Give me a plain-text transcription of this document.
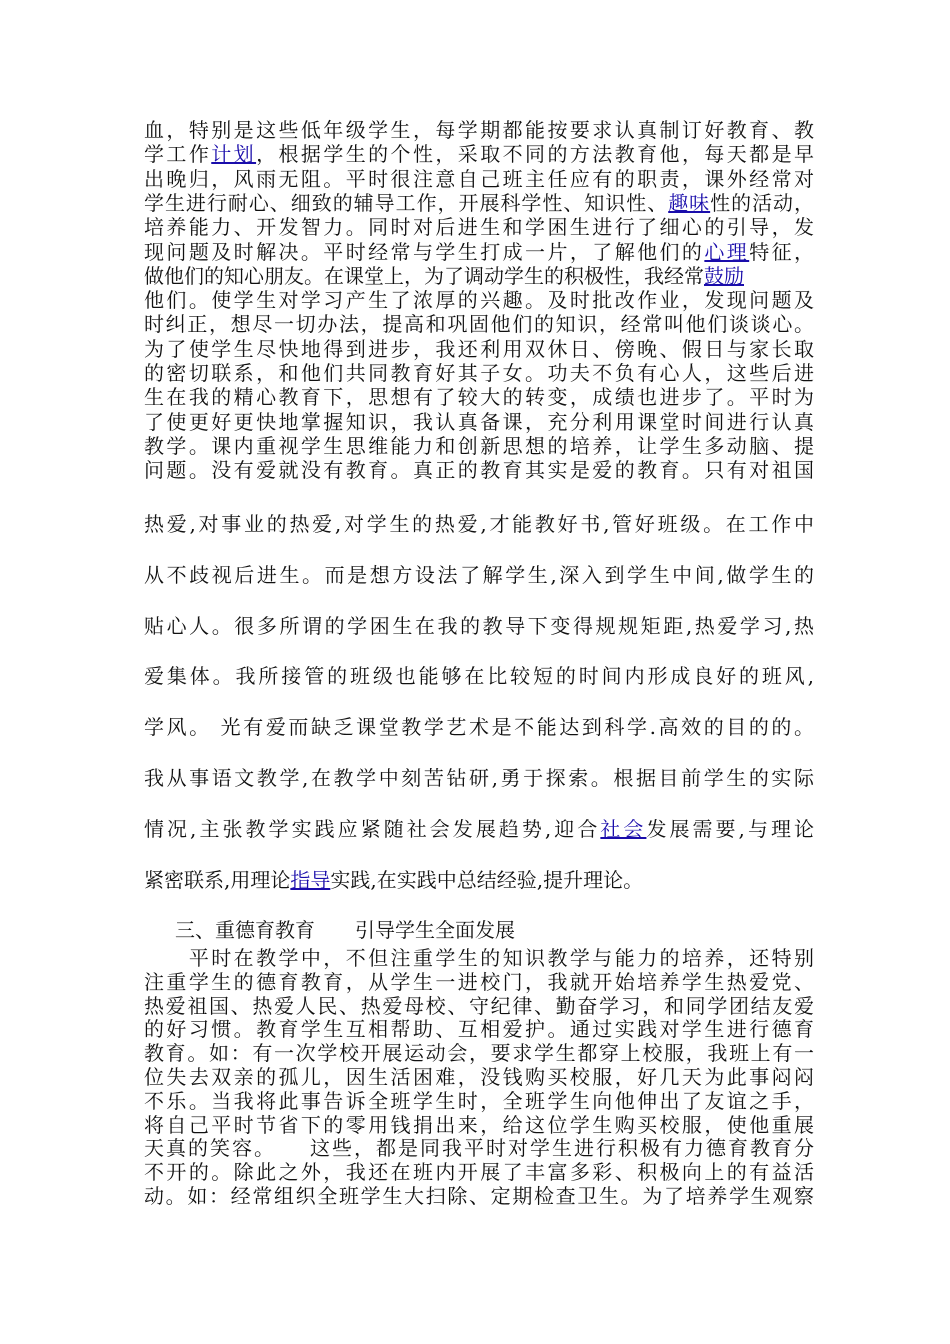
血，特别是这些低年级学生，每学期都能按要求认真制订好教育、教
学工作计划，根据学生的个性，采取不同的方法教育他，每天都是早
出晚归，风雨无阻。平时很注意自己班主任应有的职责，课外经常对
学生进行耐心、细致的辅导工作，开展科学性、知识性、趣味性的活动，
培养能力、开发智力。同时对后进生和学困生进行了细心的引导，发
现问题及时解决。平时经常与学生打成一片，了解他们的心理特征，
做他们的知心朋友。在课堂上，为了调动学生的积极性，我经常鼓励
他们。使学生对学习产生了浓厚的兴趣。及时批改作业，发现问题及
时纠正，想尽一切办法，提高和巩固他们的知识，经常叫他们谈谈心。
为了使学生尽快地得到进步，我还利用双休日、傍晚、假日与家长取
的密切联系，和他们共同教育好其子女。功夫不负有心人，这些后进
生在我的精心教育下，思想有了较大的转变，成绩也进步了。平时为
了使更好更快地掌握知识，我认真备课，充分利用课堂时间进行认真
教学。课内重视学生思维能力和创新思想的培养，让学生多动脑、提
问题。没有爱就没有教育。真正的教育其实是爱的教育。只有对祖国
热爱,对事业的热爱,对学生的热爱,才能教好书,管好班级。在工作中
从不歧视后进生。而是想方设法了解学生,深入到学生中间,做学生的
贴心人。很多所谓的学困生在我的教导下变得规规矩距,热爱学习,热
爱集体。我所接管的班级也能够在比较短的时间内形成良好的班风,
学风。 光有爱而缺乏课堂教学艺术是不能达到科学.高效的目的的。
我从事语文教学,在教学中刻苦钻研,勇于探索。根据目前学生的实际
情况,主张教学实践应紧随社会发展趋势,迎合社会发展需要,与理论
紧密联系,用理论指导实践,在实践中总结经验,提升理论。
三、重德育教育　　引导学生全面发展
　　平时在教学中，不但注重学生的知识教学与能力的培养，还特别
注重学生的德育教育，从学生一进校门，我就开始培养学生热爱党、
热爱祖国、热爱人民、热爱母校、守纪律、勤奋学习，和同学团结友爱
的好习惯。教育学生互相帮助、互相爱护。通过实践对学生进行德育
教育。如：有一次学校开展运动会，要求学生都穿上校服，我班上有一
位失去双亲的孤儿，因生活困难，没钱购买校服，好几天为此事闷闷
不乐。当我将此事告诉全班学生时，全班学生向他伸出了友谊之手，
将自己平时节省下的零用钱捐出来，给这位学生购买校服，使他重展
天真的笑容。　　这些，都是同我平时对学生进行积极有力德育教育分
不开的。除此之外，我还在班内开展了丰富多彩、积极向上的有益活
动。如：经常组织全班学生大扫除、定期检查卫生。为了培养学生观察
